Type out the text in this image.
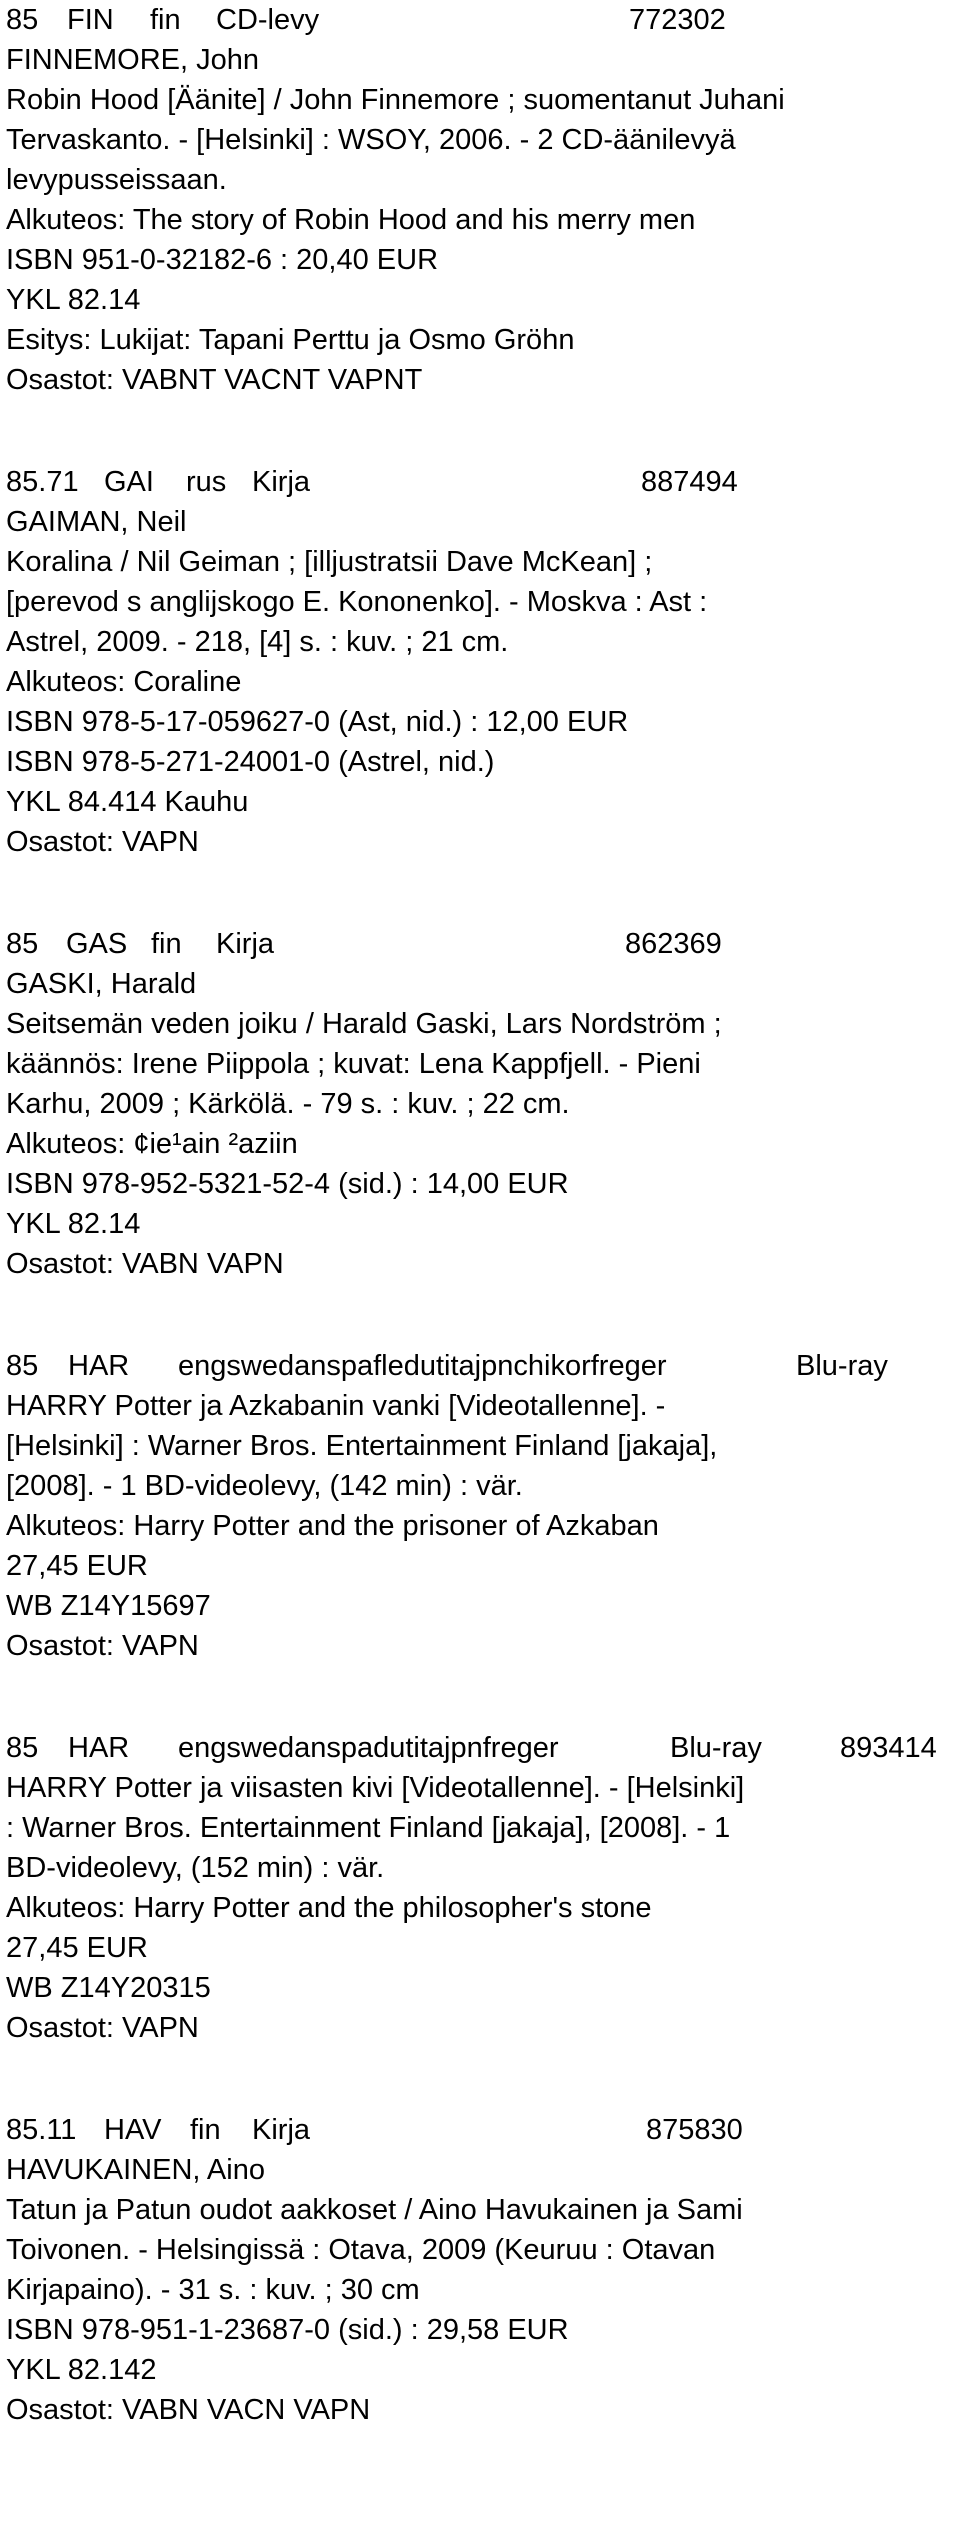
85 FIN fin CD-levy	772302
FINNEMORE, John
Robin Hood [Äänite] / John Finnemore ; suomentanut Juhani
Tervaskanto. - [Helsinki] : WSOY, 2006. - 2 CD-äänilevyä
levypusseissaan.
Alkuteos: The story of Robin Hood and his merry men
ISBN 951-0-32182-6 : 20,40 EUR
YKL 82.14
Esitys: Lukijat: Tapani Perttu ja Osmo Gröhn
Osastot: VABNT VACNT VAPNT
85.71 GAI rus Kirja	887494
GAIMAN, Neil
Koralina / Nil Geiman ; [illjustratsii Dave McKean] ;
[perevod s anglijskogo E. Kononenko]. - Moskva : Ast :
Astrel, 2009. - 218, [4] s. : kuv. ; 21 cm.
Alkuteos: Coraline
ISBN 978-5-17-059627-0 (Ast, nid.) : 12,00 EUR
ISBN 978-5-271-24001-0 (Astrel, nid.)
YKL 84.414 Kauhu
Osastot: VAPN
85 GAS fin Kirja	862369
GASKI, Harald
Seitsemän veden joiku / Harald Gaski, Lars Nordström ;
käännös: Irene Piippola ; kuvat: Lena Kappfjell. - Pieni
Karhu, 2009 ; Kärkölä. - 79 s. : kuv. ; 22 cm.
Alkuteos: ¢ie¹ain ²aziin
ISBN 978-952-5321-52-4 (sid.) : 14,00 EUR
YKL 82.14
Osastot: VABN VAPN
85 HAR engswedanspafledutitajpnchikorfreger	Blu-ray
HARRY Potter ja Azkabanin vanki [Videotallenne]. -
[Helsinki] : Warner Bros. Entertainment Finland [jakaja],
[2008]. - 1 BD-videolevy, (142 min) : vär.
Alkuteos: Harry Potter and the prisoner of Azkaban
27,45 EUR
WB Z14Y15697
Osastot: VAPN
85 HAR engswedanspadutitajpnfreger	Blu-ray	893414
HARRY Potter ja viisasten kivi [Videotallenne]. - [Helsinki]
: Warner Bros. Entertainment Finland [jakaja], [2008]. - 1
BD-videolevy, (152 min) : vär.
Alkuteos: Harry Potter and the philosopher's stone
27,45 EUR
WB Z14Y20315
Osastot: VAPN
85.11 HAV fin Kirja	875830
HAVUKAINEN, Aino
Tatun ja Patun oudot aakkoset / Aino Havukainen ja Sami
Toivonen. - Helsingissä : Otava, 2009 (Keuruu : Otavan
Kirjapaino). - 31 s. : kuv. ; 30 cm
ISBN 978-951-1-23687-0 (sid.) : 29,58 EUR
YKL 82.142
Osastot: VABN VACN VAPN
